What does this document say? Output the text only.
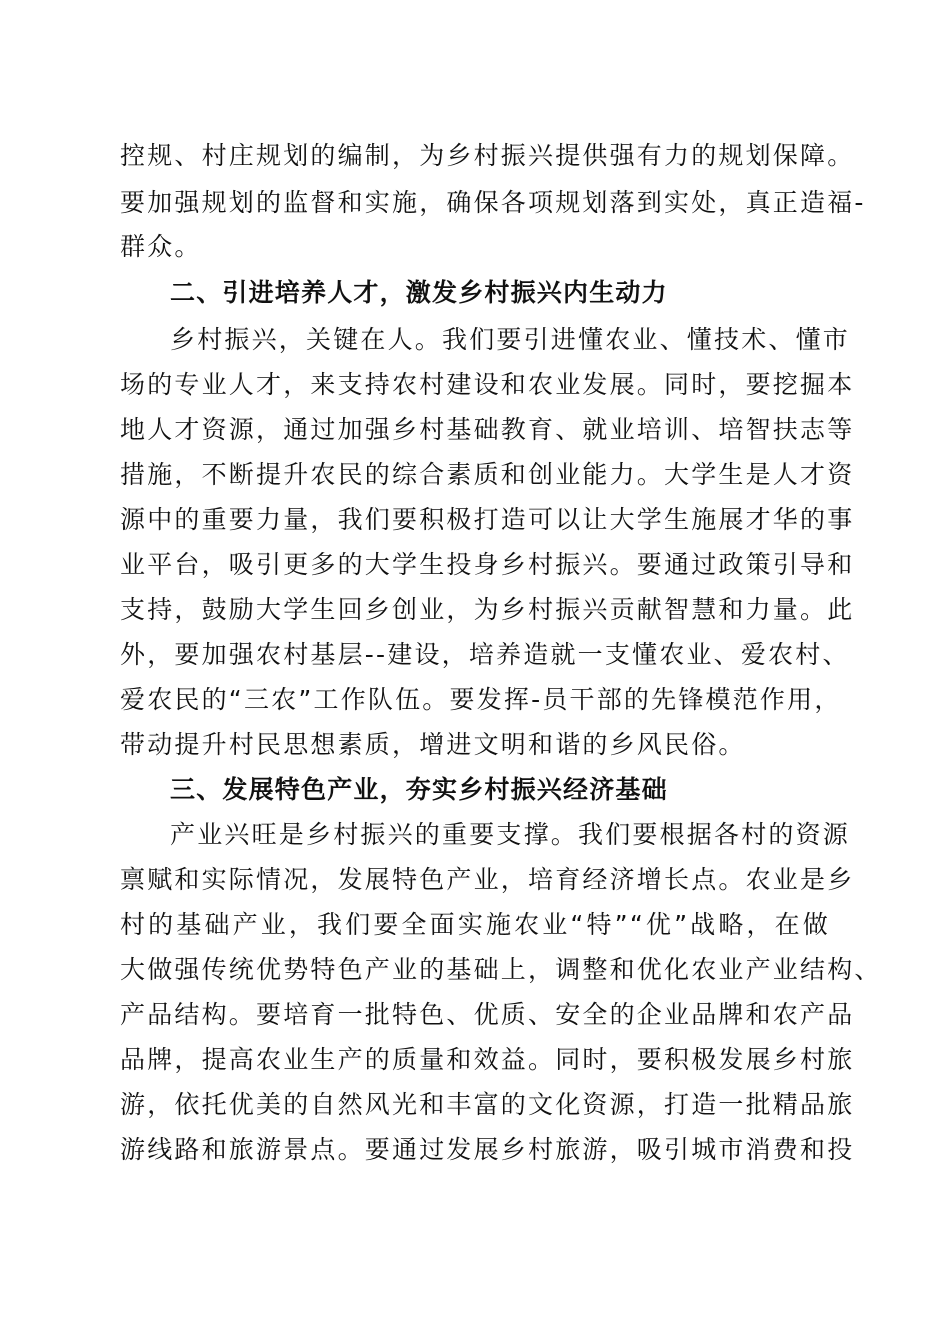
控规、村庄规划的编制，为乡村振兴提供强有力的规划保障。
要加强规划的监督和实施，确保各项规划落到实处，真正造福-
群众。
二、引进培养人才，激发乡村振兴内生动力
乡村振兴，关键在人。我们要引进懂农业、懂技术、懂市
场的专业人才，来支持农村建设和农业发展。同时，要挖掘本
地人才资源，通过加强乡村基础教育、就业培训、培智扶志等
措施，不断提升农民的综合素质和创业能力。大学生是人才资
源中的重要力量，我们要积极打造可以让大学生施展才华的事
业平台，吸引更多的大学生投身乡村振兴。要通过政策引导和
支持，鼓励大学生回乡创业，为乡村振兴贡献智慧和力量。此
外，要加强农村基层--建设，培养造就一支懂农业、爱农村、
爱农民的“三农”工作队伍。要发挥-员干部的先锋模范作用，
带动提升村民思想素质，增进文明和谐的乡风民俗。
三、发展特色产业，夯实乡村振兴经济基础
产业兴旺是乡村振兴的重要支撑。我们要根据各村的资源
禀赋和实际情况，发展特色产业，培育经济增长点。农业是乡
村的基础产业，我们要全面实施农业“特”“优”战略，在做
大做强传统优势特色产业的基础上，调整和优化农业产业结构、
产品结构。要培育一批特色、优质、安全的企业品牌和农产品
品牌，提高农业生产的质量和效益。同时，要积极发展乡村旅
游，依托优美的自然风光和丰富的文化资源，打造一批精品旅
游线路和旅游景点。要通过发展乡村旅游，吸引城市消费和投
